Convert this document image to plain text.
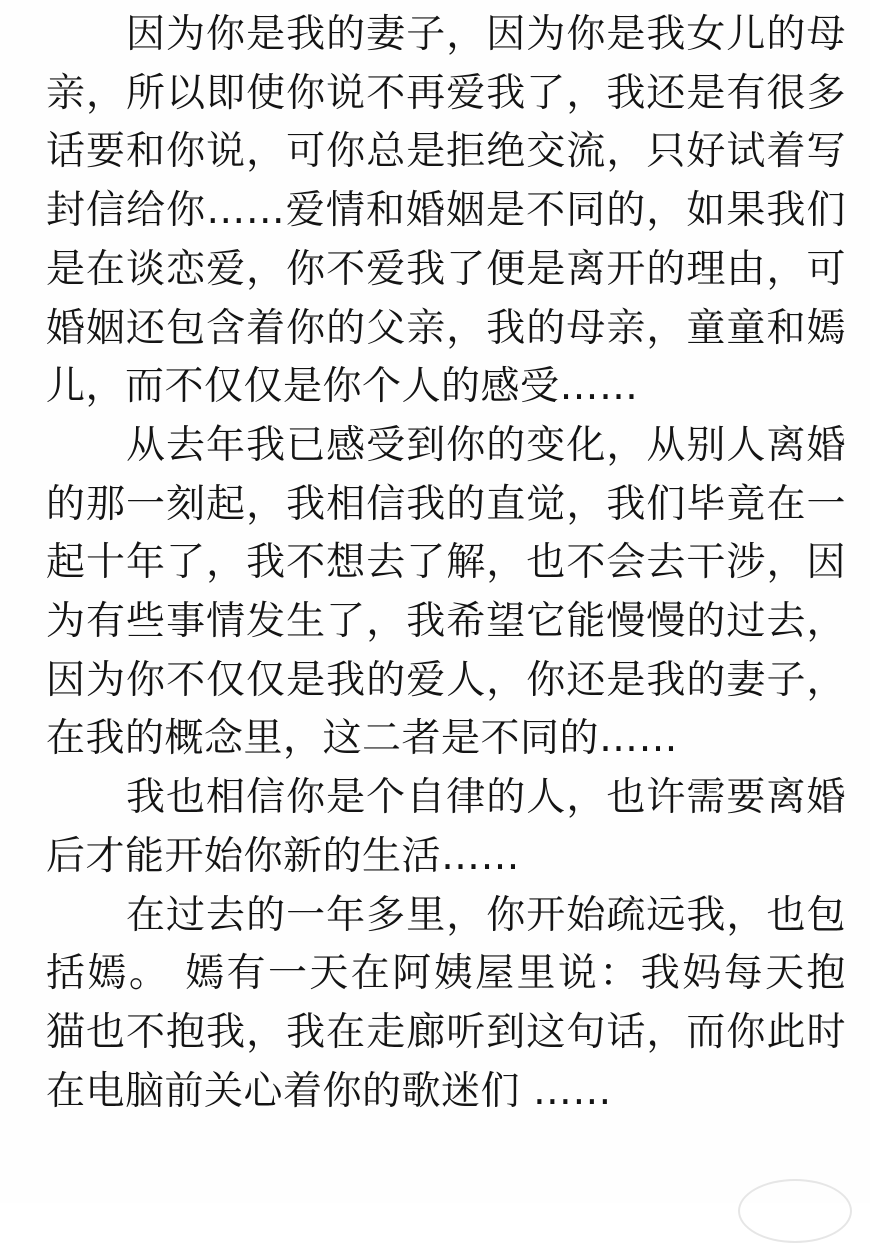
因为你是我的妻子，因为你是我女儿的母亲，所以即使你说不再爱我了，我还是有很多话要和你说，可你总是拒绝交流，只好试着写封信给你……爱情和婚姻是不同的，如果我们是在谈恋爱，你不爱我了便是离开的理由，可婚姻还包含着你的父亲，我的母亲，童童和嫣儿，而不仅仅是你个人的感受……

从去年我已感受到你的变化，从别人离婚的那一刻起，我相信我的直觉，我们毕竟在一起十年了，我不想去了解，也不会去干涉，因为有些事情发生了，我希望它能慢慢的过去，因为你不仅仅是我的爱人，你还是我的妻子，在我的概念里，这二者是不同的……

我也相信你是个自律的人，也许需要离婚后才能开始你新的生活……

在过去的一年多里，你开始疏远我，也包括嫣。 嫣有一天在阿姨屋里说：我妈每天抱猫也不抱我，我在走廊听到这句话，而你此时在电脑前关心着你的歌迷们 ……
